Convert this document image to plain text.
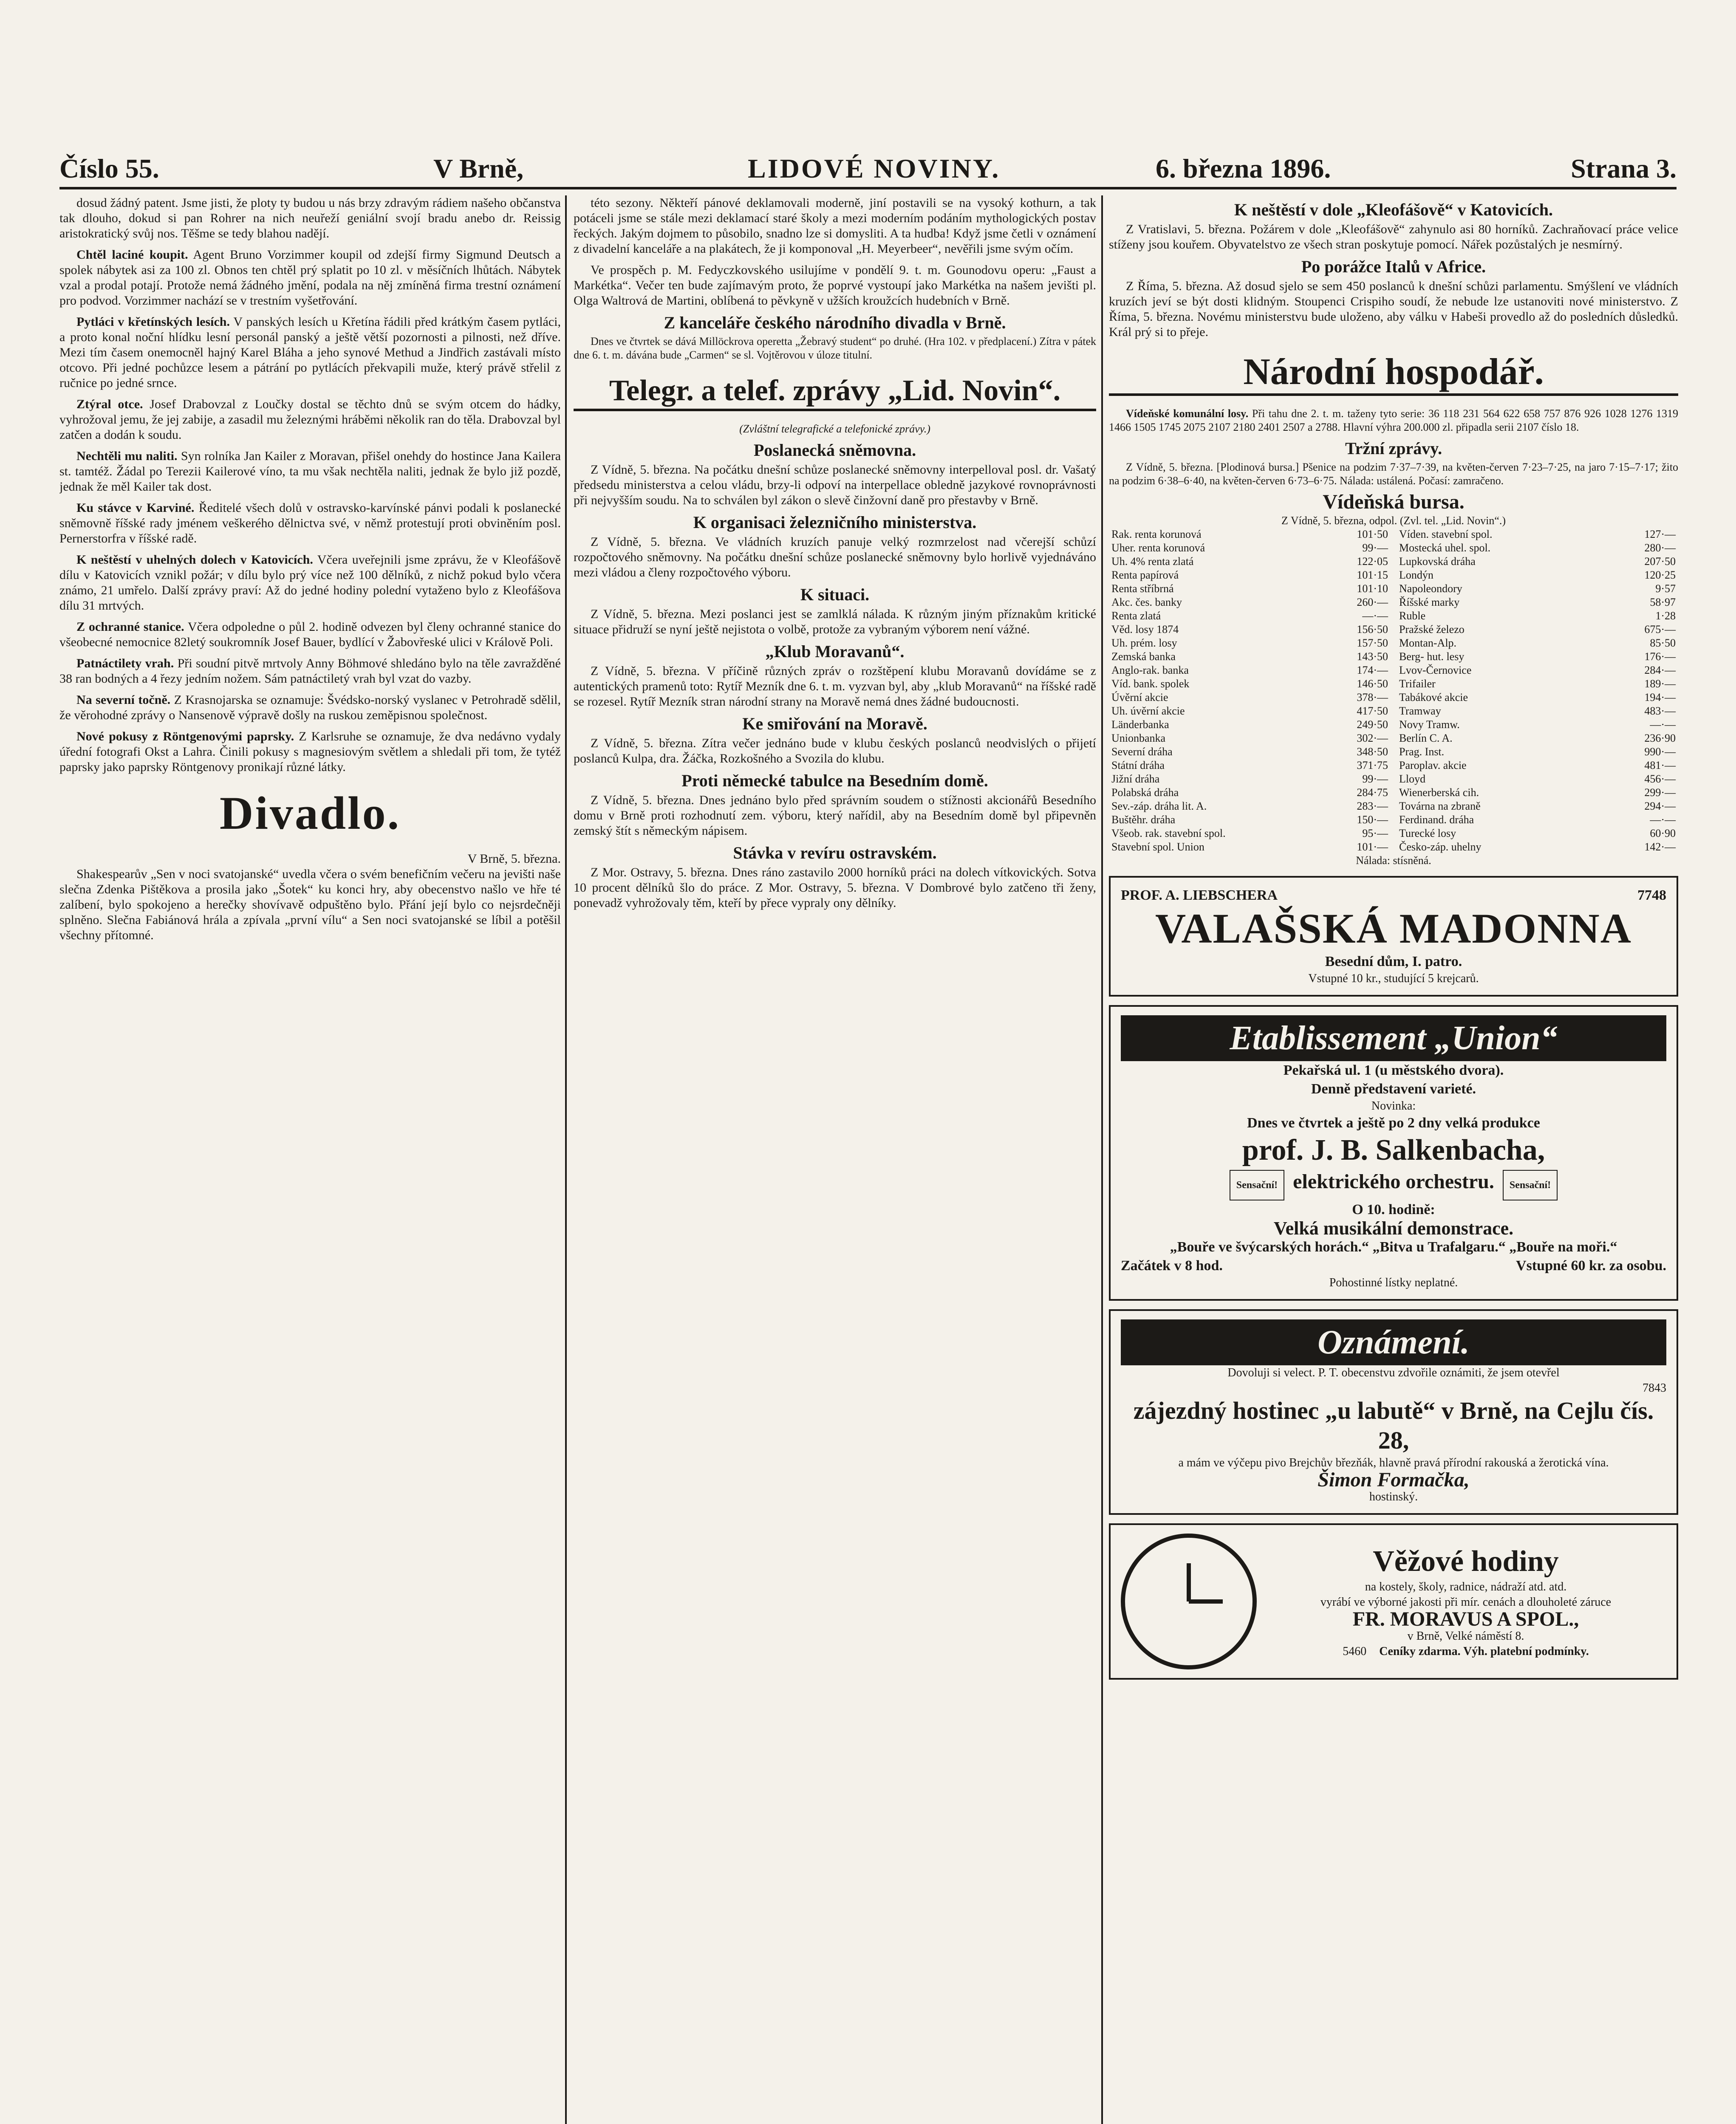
Číslo 55.	V Brně,	LIDOVÉ NOVINY.	6. března 1896.	Strana 3.

dosud žádný patent. Jsme jisti, že ploty ty budou u nás brzy zdravým rádiem našeho občanstva tak dlouho, dokud si pan Rohrer na nich neuřeží geniální svojí bradu anebo dr. Reissig aristokratický svůj nos. Těšme se tedy blahou nadějí.

Chtěl laciné koupit. Agent Bruno Vorzimmer koupil od zdejší firmy Sigmund Deutsch a spolek nábytek asi za 100 zl. Obnos ten chtěl prý splatit po 10 zl. v měsíčních lhůtách. Nábytek vzal a prodal potají. Protože nemá žádného jmění, podala na něj zmíněná firma trestní oznámení pro podvod. Vorzimmer nachází se v trestním vyšetřování.

Pytláci v křetínských lesích. V panských lesích u Křetína řádili před krátkým časem pytláci, a proto konal noční hlídku lesní personál panský a ještě větší pozornosti a pilnosti, než dříve. Mezi tím časem onemocněl hajný Karel Bláha a jeho synové Methud a Jindřich zastávali místo otcovo. Při jedné pochůzce lesem a pátrání po pytlácích překvapili muže, který právě střelil z ručnice po jedné srnce.

Ztýral otce. Josef Drabovzal z Loučky dostal se těchto dnů se svým otcem do hádky, vyhrožoval jemu, že jej zabije, a zasadil mu železnými hráběmi několik ran do těla. Drabovzal byl zatčen a dodán k soudu.

Nechtěli mu naliti. Syn rolníka Jan Kailer z Moravan, přišel onehdy do hostince Jana Kailera st. tamtéž. Žádal po Terezii Kailerové víno, ta mu však nechtěla naliti, jednak že bylo již pozdě, jednak že měl Kailer tak dost.

Ku stávce v Karviné. Ředitelé všech dolů v ostravsko-karvínské pánvi podali k poslanecké sněmovně říšské rady jménem veškerého dělnictva své, v němž protestují proti obviněním posl. Pernerstorfra v říšské radě.

K neštěstí v uhelných dolech v Katovicích. Včera uveřejnili jsme zprávu, že v Kleofášově dílu v Katovicích vznikl požár; v dílu bylo prý více než 100 dělníků, z nichž pokud bylo včera známo, 21 umřelo. Další zprávy praví: Až do jedné hodiny polední vytaženo bylo z Kleofášova dílu 31 mrtvých.

Z ochranné stanice. Včera odpoledne o půl 2. hodině odvezen byl členy ochranné stanice do všeobecné nemocnice 82letý soukromník Josef Bauer, bydlící v Žabovřeské ulici v Králově Poli.

Patnáctilety vrah. Při soudní pitvě mrtvoly Anny Böhmové shledáno bylo na těle zavražděné 38 ran bodných a 4 řezy jedním nožem. Sám patnáctiletý vrah byl vzat do vazby.

Na severní točně. Z Krasnojarska se oznamuje: Švédsko-norský vyslanec v Petrohradě sdělil, že věrohodné zprávy o Nansenově výpravě došly na ruskou zeměpisnou společnost.

Nové pokusy z Röntgenovými paprsky. Z Karlsruhe se oznamuje, že dva nedávno vydaly úřední fotografi Okst a Lahra. Činili pokusy s magnesiovým světlem a shledali při tom, že tytéž paprsky jako paprsky Röntgenovy pronikají různé látky.

Divadlo.
V Brně, 5. března.

Shakespearův „Sen v noci svatojanské“ uvedla včera o svém benefičním večeru na jevišti naše slečna Zdenka Pištěkova a prosila jako „Šotek“ ku konci hry, aby obecenstvo našlo ve hře té zalíbení, bylo spokojeno a herečky shovívavě odpuštěno bylo. Přání její bylo co nejsrdečněji splněno. Slečna Fabiánová hrála a zpívala „první vílu“ a Sen noci svatojanské se líbil a potěšil všechny přítomné.

této sezony. Někteří pánové deklamovali moderně, jiní postavili se na vysoký kothurn, a tak potáceli jsme se stále mezi deklamací staré školy a mezi moderním podáním mythologických postav řeckých. Jakým dojmem to působilo, snadno lze si domysliti. A ta hudba! Když jsme četli v oznámení z divadelní kanceláře a na plakátech, že ji komponoval „H. Meyerbeer“, nevěřili jsme svým očím.

Ve prospěch p. M. Fedyczkovského usilujíme v pondělí 9. t. m. Gounodovu operu: „Faust a Markétka“. Večer ten bude zajímavým proto, že poprvé vystoupí jako Markétka na našem jevišti pl. Olga Waltrová de Martini, oblíbená to pěvkyně v užších kroužcích hudebních v Brně.

Z kanceláře českého národního divadla v Brně.

Dnes ve čtvrtek se dává Millöckrova operetta „Žebravý student“ po druhé. (Hra 102. v předplacení.) Zítra v pátek dne 6. t. m. dávána bude „Carmen“ se sl. Vojtěrovou v úloze titulní.

Telegr. a telef. zprávy „Lid. Novin“.
(Zvláštní telegrafické a telefonické zprávy.)
Poslanecká sněmovna.

Z Vídně, 5. března. Na počátku dnešní schůze poslanecké sněmovny interpelloval posl. dr. Vašatý předsedu ministerstva a celou vládu, brzy-li odpoví na interpellace obledně jazykové rovnoprávnosti při nejvyšším soudu. Na to schválen byl zákon o slevě činžovní daně pro přestavby v Brně.

K organisaci železničního ministerstva.

Z Vídně, 5. března. Ve vládních kruzích panuje velký rozmrzelost nad včerejší schůzí rozpočtového sněmovny. Na počátku dnešní schůze poslanecké sněmovny bylo horlivě vyjednáváno mezi vládou a členy rozpočtového výboru.

K situaci.

Z Vídně, 5. března. Mezi poslanci jest se zamlklá nálada. K různým jiným příznakům kritické situace přidruží se nyní ještě nejistota o volbě, protože za vybraným výborem není vážné.

„Klub Moravanů“.

Z Vídně, 5. března. V příčině různých zpráv o rozštěpení klubu Moravanů dovídáme se z autentických pramenů toto: Rytíř Mezník dne 6. t. m. vyzvan byl, aby „klub Moravanů“ na říšské radě se rozesel. Rytíř Mezník stran národní strany na Moravě nemá dnes žádné budoucnosti.

Ke smiřování na Moravě.

Z Vídně, 5. března. Zítra večer jednáno bude v klubu českých poslanců neodvislých o přijetí poslanců Kulpa, dra. Žáčka, Rozkošného a Svozila do klubu.

Proti německé tabulce na Besedním domě.

Z Vídně, 5. března. Dnes jednáno bylo před správním soudem o stížnosti akcionářů Besedního domu v Brně proti rozhodnutí zem. výboru, který nařídil, aby na Besedním domě byl připevněn zemský štít s německým nápisem.

Stávka v revíru ostravském.

Z Mor. Ostravy, 5. března. Dnes ráno zastavilo 2000 horníků práci na dolech vítkovických. Sotva 10 procent dělníků šlo do práce. Z Mor. Ostravy, 5. března. V Dombrové bylo zatčeno tři ženy, ponevadž vyhrožovaly těm, kteří by přece vypraly ony dělníky.

K neštěstí v dole „Kleofášově“ v Katovicích.

Z Vratislavi, 5. března. Požárem v dole „Kleofášově“ zahynulo asi 80 horníků. Zachraňovací práce velice stíženy jsou kouřem. Obyvatelstvo ze všech stran poskytuje pomocí. Nářek pozůstalých je nesmírný.

Po porážce Italů v Africe.

Z Říma, 5. března. Až dosud sjelo se sem 450 poslanců k dnešní schůzi parlamentu. Smýšlení ve vládních kruzích jeví se být dosti klidným. Stoupenci Crispiho soudí, že nebude lze ustanoviti nové ministerstvo. Z Říma, 5. března. Novému ministerstvu bude uloženo, aby válku v Habeši provedlo až do posledních důsledků. Král prý si to přeje.

Národní hospodář.

Vídeňské komunální losy. Při tahu dne 2. t. m. taženy tyto serie: 36 118 231 564 622 658 757 876 926 1028 1276 1319 1466 1505 1745 2075 2107 2180 2401 2507 a 2788. Hlavní výhra 200.000 zl. připadla serii 2107 číslo 18.

Tržní zprávy.

Z Vídně, 5. března. [Plodinová bursa.] Pšenice na podzim 7·37–7·39, na květen-červen 7·23–7·25, na jaro 7·15–7·17; žito na podzim 6·38–6·40, na květen-červen 6·73–6·75. Nálada: ustálená. Počasí: zamračeno.

Vídeňská bursa.
Z Vídně, 5. března, odpol. (Zvl. tel. „Lid. Novin“.)
Rak. renta korunová	101·50
Uher. renta korunová	99·—
Uh. 4% renta zlatá	122·05
Renta papírová	101·15
Renta stříbrná	101·10
Akc. čes. banky	260·—
Renta zlatá	—·—
Věd. losy 1874	156·50
Uh. prém. losy	157·50
Zemská banka	143·50
Anglo-rak. banka	174·—
Víd. bank. spolek	146·50
Úvěrní akcie	378·—
Uh. úvěrní akcie	417·50
Länderbanka	249·50
Unionbanka	302·—
Severní dráha	348·50
Státní dráha	371·75
Jižní dráha	99·—
Polabská dráha	284·75
Sev.-záp. dráha lit. A.	283·—
Buštěhr. dráha	150·—
Všeob. rak. stavební spol.	95·—
Stavební spol. Union	101·—
Víden. stavební spol.	127·—
Mostecká uhel. spol.	280·—
Lupkovská dráha	207·50
Londýn	120·25
Napoleondory	9·57
Říšské marky	58·97
Ruble	1·28
Pražské železo	675·—
Montan-Alp.	85·50
Berg- hut. lesy	176·—
Lvov-Černovice	284·—
Trifailer	189·—
Tabákové akcie	194·—
Tramway	483·—
Novy Tramw.	—·—
Berlín C. A.	236·90
Prag. Inst.	990·—
Paroplav. akcie	481·—
Lloyd	456·—
Wienerberská cih.	299·—
Továrna na zbraně	294·—
Ferdinand. dráha	—·—
Turecké losy	60·90
Česko-záp. uhelny	142·—
Nálada: stísněná.
PROF. A. LIEBSCHERA	7748
VALAŠSKÁ MADONNA
Besední dům, I. patro.
Vstupné 10 kr., studující 5 krejcarů.
Etablissement „Union“
Pekařská ul. 1 (u městského dvora).
Denně představení varieté.
Novinka:
Dnes ve čtvrtek a ještě po 2 dny velká produkce
prof. J. B. Salkenbacha,
Sensační! elektrického orchestru. Sensační!
O 10. hodině:
Velká musikální demonstrace.
„Bouře ve švýcarských horách.“ „Bitva u Trafalgaru.“ „Bouře na moři.“
Začátek v 8 hod.	Vstupné 60 kr. za osobu.
Pohostinné lístky neplatné.
Oznámení.
Dovoluji si velect. P. T. obecenstvu zdvořile oznámiti, že jsem otevřel
7843
zájezdný hostinec „u labutě“ v Brně, na Cejlu čís. 28,
a mám ve výčepu pivo Brejchův březňák, hlavně pravá přírodní rakouská a žerotická vína.
Šimon Formačka,
hostinský.
Věžové hodiny
na kostely, školy, radnice, nádraží atd. atd.
vyrábí ve výborné jakosti při mír. cenách a dlouholeté záruce
FR. MORAVUS A SPOL.,
v Brně, Velké náměstí 8.
5460 Ceníky zdarma. Výh. platební podmínky.
